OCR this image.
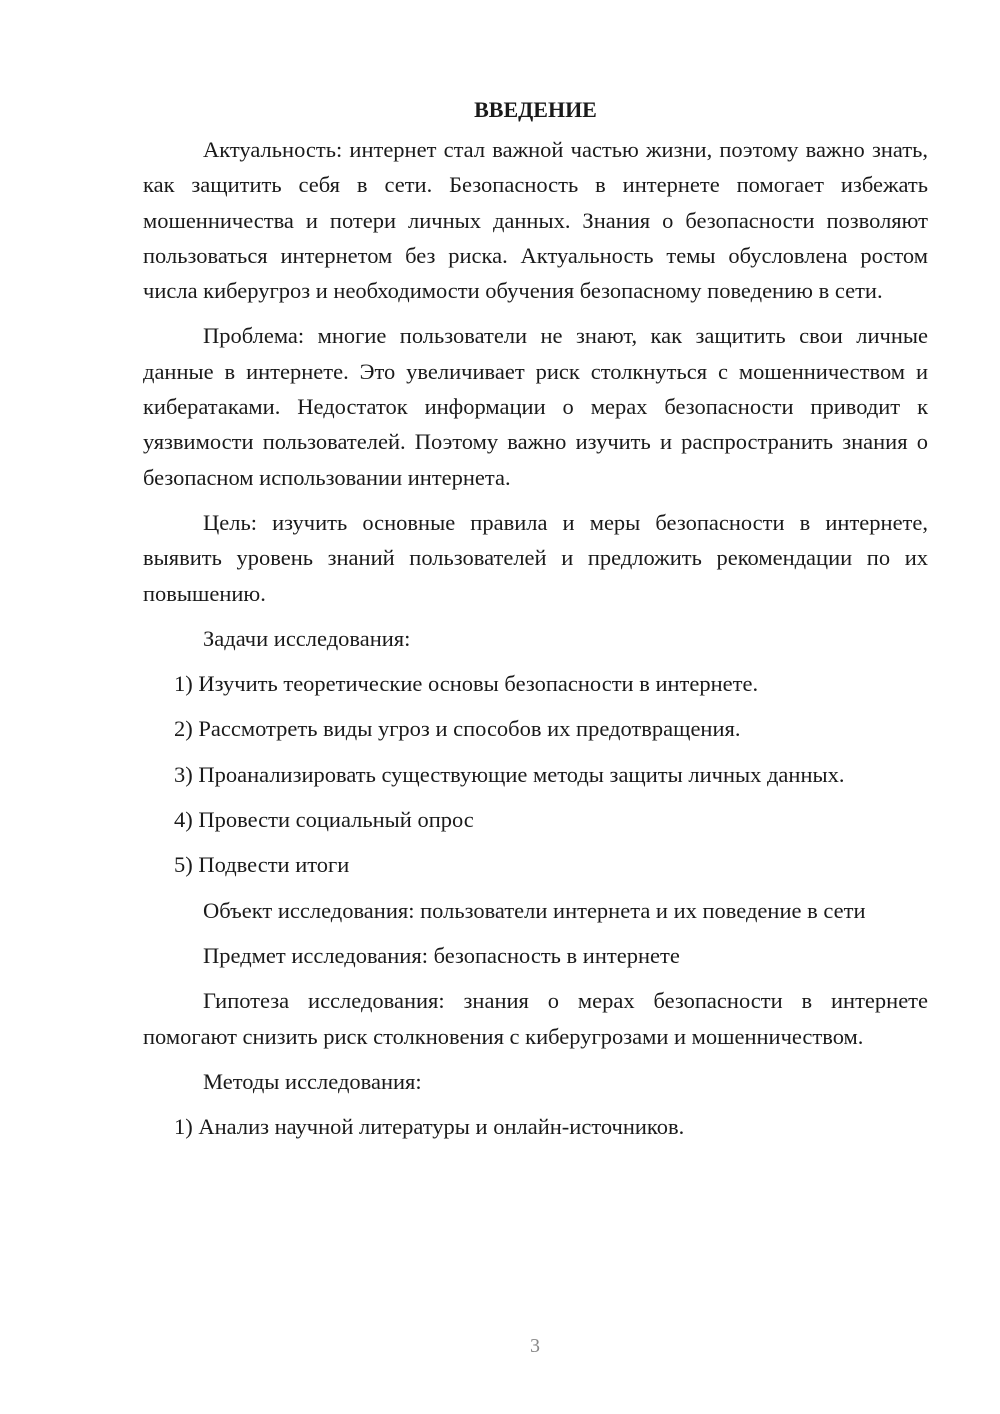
ВВЕДЕНИЕ

Актуальность: интернет стал важной частью жизни, поэтому важно знать, как защитить себя в сети. Безопасность в интернете помогает избежать мошенничества и потери личных данных. Знания о безопасности позволяют пользоваться интернетом без риска. Актуальность темы обусловлена ростом числа киберугроз и необходимости обучения безопасному поведению в сети.

Проблема: многие пользователи не знают, как защитить свои личные данные в интернете. Это увеличивает риск столкнуться с мошенничеством и кибератаками. Недостаток информации о мерах безопасности приводит к уязвимости пользователей. Поэтому важно изучить и распространить знания о безопасном использовании интернета.

Цель: изучить основные правила и меры безопасности в интернете, выявить уровень знаний пользователей и предложить рекомендации по их повышению.

Задачи исследования:
1) Изучить теоретические основы безопасности в интернете.
2) Рассмотреть виды угроз и способов их предотвращения.
3) Проанализировать существующие методы защиты личных данных.
4) Провести социальный опрос
5) Подвести итоги

Объект исследования: пользователи интернета и их поведение в сети

Предмет исследования: безопасность в интернете

Гипотеза исследования: знания о мерах безопасности в интернете помогают снизить риск столкновения с киберугрозами и мошенничеством.

Методы исследования:
1) Анализ научной литературы и онлайн-источников.
3
